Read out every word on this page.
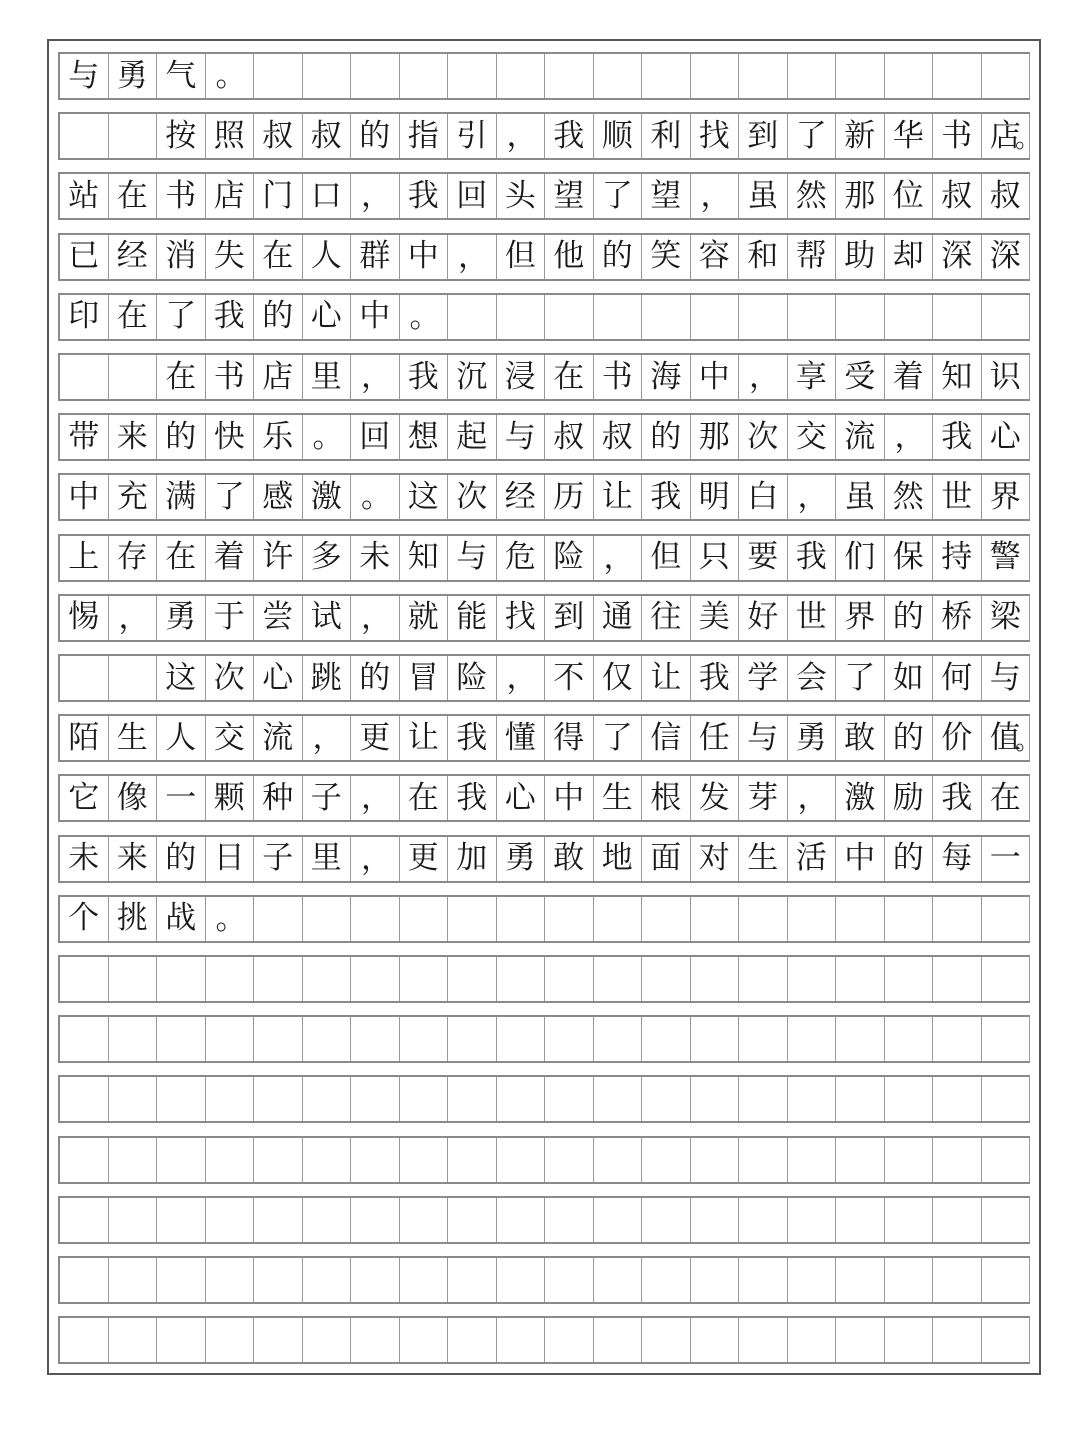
与 勇 气 。
按 照 叔 叔 的 指 引 ， 我 顺 利 找 到 了 新 华 书 店
。
站 在 书 店 门 口 ， 我 回 头 望 了 望 ， 虽 然 那 位 叔 叔
已 经 消 失 在 人 群 中 ， 但 他 的 笑 容 和 帮 助 却 深 深
印 在 了 我 的 心 中 。
在 书 店 里 ， 我 沉 浸 在 书 海 中 ， 享 受 着 知 识
带 来 的 快 乐 。 回 想 起 与 叔 叔 的 那 次 交 流 ， 我 心
中 充 满 了 感 激 。 这 次 经 历 让 我 明 白 ， 虽 然 世 界
上 存 在 着 许 多 未 知 与 危 险 ， 但 只 要 我 们 保 持 警
惕 ， 勇 于 尝 试 ， 就 能 找 到 通 往 美 好 世 界 的 桥 梁
这 次 心 跳 的 冒 险 ， 不 仅 让 我 学 会 了 如 何 与
陌 生 人 交 流 ， 更 让 我 懂 得 了 信 任 与 勇 敢 的 价 值
。
它 像 一 颗 种 子 ， 在 我 心 中 生 根 发 芽 ， 激 励 我 在
未 来 的 日 子 里 ， 更 加 勇 敢 地 面 对 生 活 中 的 每 一
个 挑 战 。
